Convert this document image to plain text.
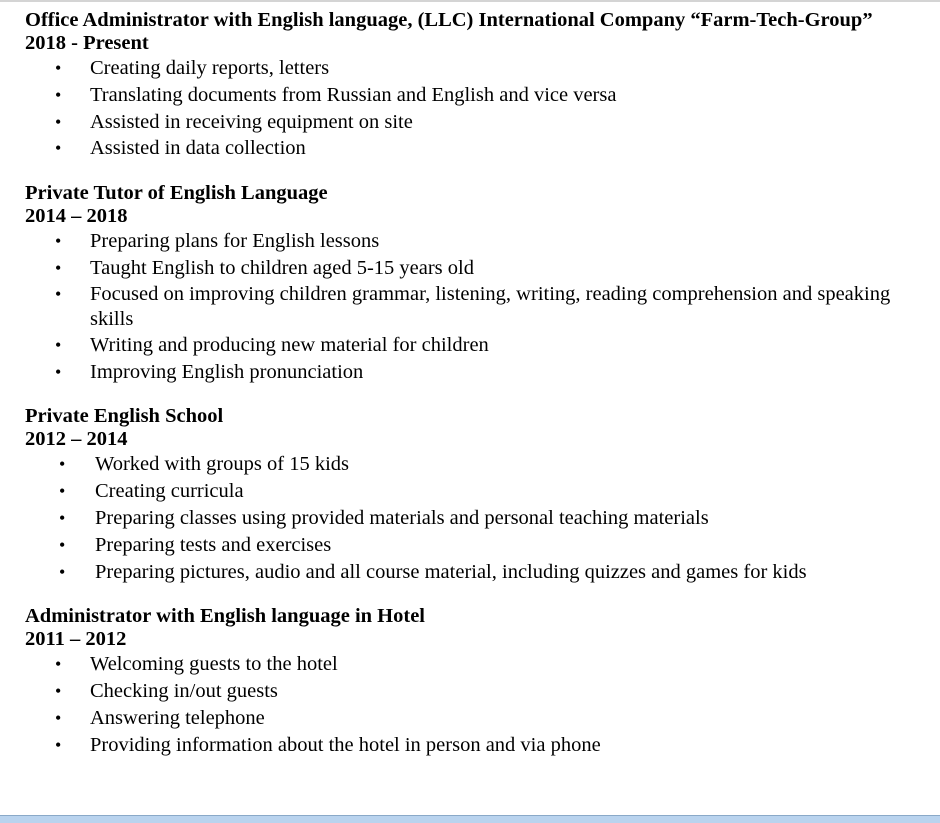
Office Administrator with English language, (LLC) International Company “Farm-Tech-Group”
2018 - Present
• Creating daily reports, letters
• Translating documents from Russian and English and vice versa
• Assisted in receiving equipment on site
• Assisted in data collection
Private Tutor of English Language
2014 – 2018
• Preparing plans for English lessons
• Taught English to children aged 5-15 years old
• Focused on improving children grammar, listening, writing, reading comprehension and speaking skills
• Writing and producing new material for children
• Improving English pronunciation
Private English School
2012 – 2014
• Worked with groups of 15 kids
• Creating curricula
• Preparing classes using provided materials and personal teaching materials
• Preparing tests and exercises
• Preparing pictures, audio and all course material, including quizzes and games for kids
Administrator with English language in Hotel
2011 – 2012
• Welcoming guests to the hotel
• Checking in/out guests
• Answering telephone
• Providing information about the hotel in person and via phone
